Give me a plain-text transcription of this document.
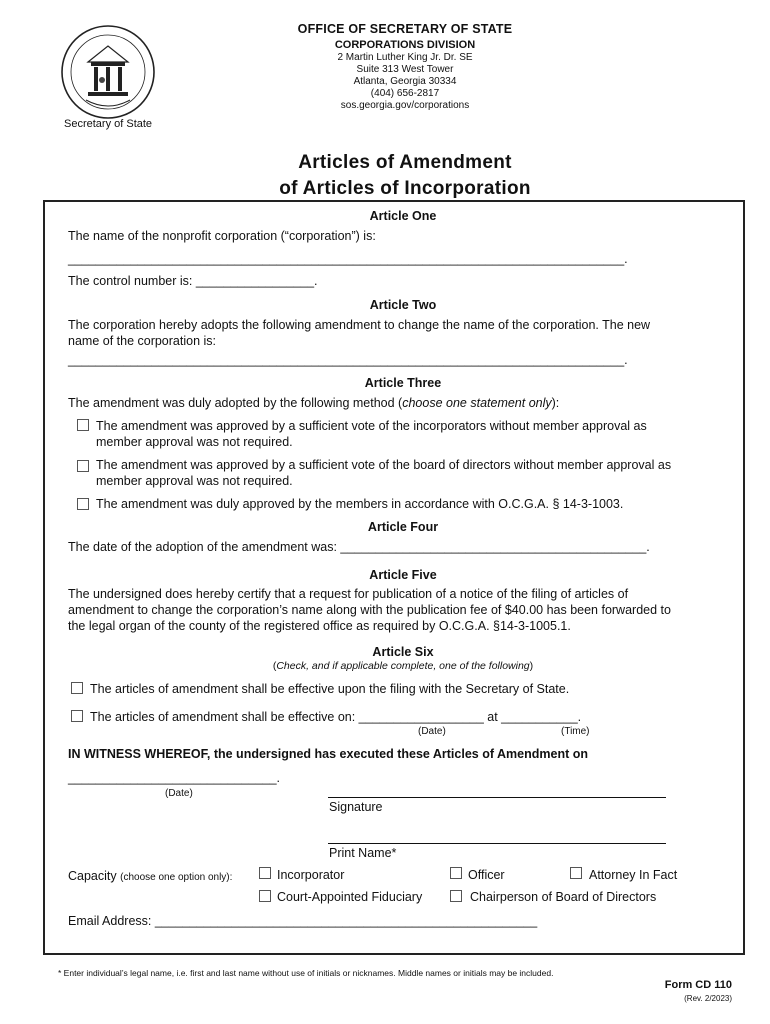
OFFICE OF SECRETARY OF STATE
CORPORATIONS DIVISION
2 Martin Luther King Jr. Dr. SE
Suite 313 West Tower
Atlanta, Georgia 30334
(404) 656-2817
sos.georgia.gov/corporations
Secretary of State
Articles of Amendment
of Articles of Incorporation
Article One
The name of the nonprofit corporation (“corporation”) is:
________________________________________________________________________________.
The control number is: _________________.
Article Two
The corporation hereby adopts the following amendment to change the name of the corporation. The new
name of the corporation is:
________________________________________________________________________________.
Article Three
The amendment was duly adopted by the following method (choose one statement only):
The amendment was approved by a sufficient vote of the incorporators without member approval as
member approval was not required.
The amendment was approved by a sufficient vote of the board of directors without member approval as
member approval was not required.
The amendment was duly approved by the members in accordance with O.C.G.A. § 14-3-1003.
Article Four
The date of the adoption of the amendment was: ____________________________________________.
Article Five
The undersigned does hereby certify that a request for publication of a notice of the filing of articles of
amendment to change the corporation’s name along with the publication fee of $40.00 has been forwarded to
the legal organ of the county of the registered office as required by O.C.G.A. §14-3-1005.1.
Article Six
(Check, and if applicable complete, one of the following)
The articles of amendment shall be effective upon the filing with the Secretary of State.
The articles of amendment shall be effective on: __________________ at ___________.
(Date)	(Time)
IN WITNESS WHEREOF, the undersigned has executed these Articles of Amendment on
______________________________.
(Date)
Signature
Print Name*
Capacity (choose one option only):	Incorporator	Officer	Attorney In Fact
Court-Appointed Fiduciary	Chairperson of Board of Directors
Email Address: _______________________________________________________
* Enter individual’s legal name, i.e. first and last name without use of initials or nicknames. Middle names or initials may be included.
Form CD 110
(Rev. 2/2023)
